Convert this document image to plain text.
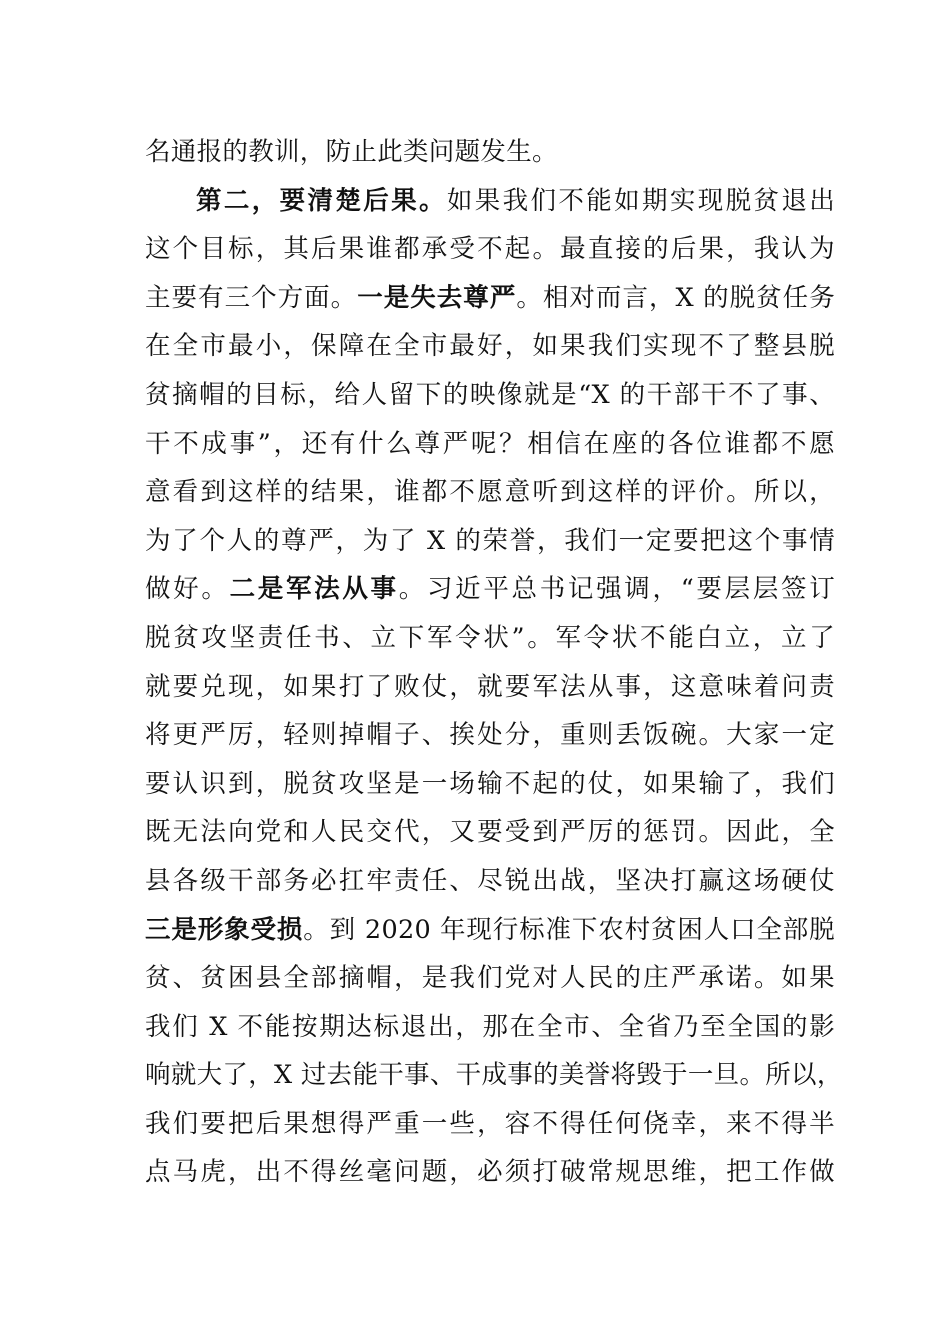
名通报的教训，防止此类问题发生。
第二，要清楚后果。如果我们不能如期实现脱贫退出
这个目标，其后果谁都承受不起。最直接的后果，我认为
主要有三个方面。一是失去尊严。相对而言，X 的脱贫任务
在全市最小，保障在全市最好，如果我们实现不了整县脱
贫摘帽的目标，给人留下的映像就是“X 的干部干不了事、
干不成事”，还有什么尊严呢？相信在座的各位谁都不愿
意看到这样的结果，谁都不愿意听到这样的评价。所以，
为了个人的尊严，为了 X 的荣誉，我们一定要把这个事情
做好。二是军法从事。习近平总书记强调，“要层层签订
脱贫攻坚责任书、立下军令状”。军令状不能白立，立了
就要兑现，如果打了败仗，就要军法从事，这意味着问责
将更严厉，轻则掉帽子、挨处分，重则丢饭碗。大家一定
要认识到，脱贫攻坚是一场输不起的仗，如果输了，我们
既无法向党和人民交代，又要受到严厉的惩罚。因此，全
县各级干部务必扛牢责任、尽锐出战，坚决打赢这场硬仗
三是形象受损。到 2020 年现行标准下农村贫困人口全部脱
贫、贫困县全部摘帽，是我们党对人民的庄严承诺。如果
我们 X 不能按期达标退出，那在全市、全省乃至全国的影
响就大了，X 过去能干事、干成事的美誉将毁于一旦。所以，
我们要把后果想得严重一些，容不得任何侥幸，来不得半
点马虎，出不得丝毫问题，必须打破常规思维，把工作做
